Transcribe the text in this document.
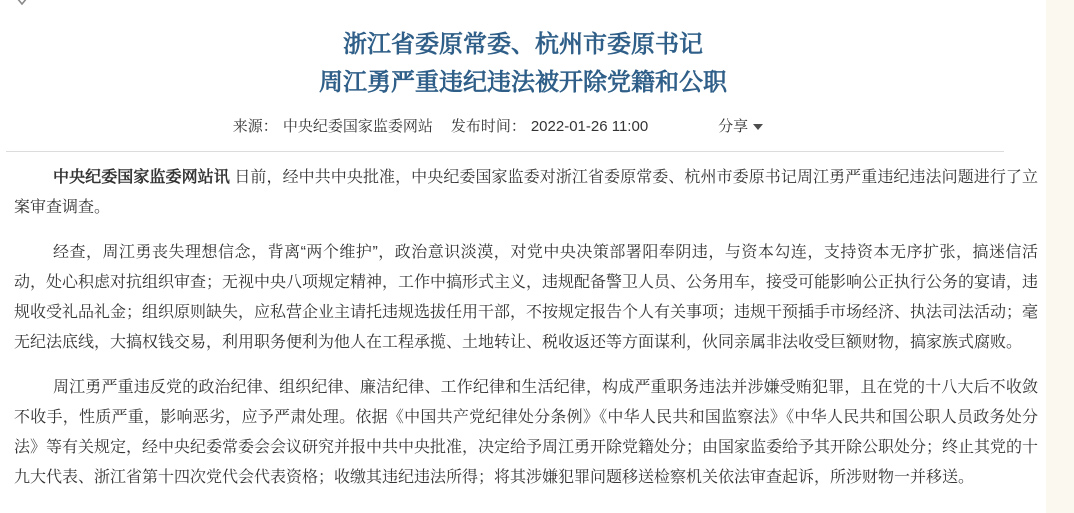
浙江省委原常委、杭州市委原书记
周江勇严重违纪违法被开除党籍和公职
来源： 中央纪委国家监委网站 发布时间： 2022-01-26 11:00	分享

中央纪委国家监委网站讯 日前，经中共中央批准，中央纪委国家监委对浙江省委原常委、杭州市委原书记周江勇严重违纪违法问题进行了立案审查调查。

经查，周江勇丧失理想信念，背离“两个维护”，政治意识淡漠，对党中央决策部署阳奉阴违，与资本勾连，支持资本无序扩张，搞迷信活动，处心积虑对抗组织审查；无视中央八项规定精神，工作中搞形式主义，违规配备警卫人员、公务用车，接受可能影响公正执行公务的宴请，违规收受礼品礼金；组织原则缺失，应私营企业主请托违规选拔任用干部，不按规定报告个人有关事项；违规干预插手市场经济、执法司法活动；毫无纪法底线，大搞权钱交易，利用职务便利为他人在工程承揽、土地转让、税收返还等方面谋利，伙同亲属非法收受巨额财物，搞家族式腐败。

周江勇严重违反党的政治纪律、组织纪律、廉洁纪律、工作纪律和生活纪律，构成严重职务违法并涉嫌受贿犯罪，且在党的十八大后不收敛不收手，性质严重，影响恶劣，应予严肃处理。依据《中国共产党纪律处分条例》《中华人民共和国监察法》《中华人民共和国公职人员政务处分法》等有关规定，经中央纪委常委会会议研究并报中共中央批准，决定给予周江勇开除党籍处分；由国家监委给予其开除公职处分；终止其党的十九大代表、浙江省第十四次党代会代表资格；收缴其违纪违法所得；将其涉嫌犯罪问题移送检察机关依法审查起诉，所涉财物一并移送。
